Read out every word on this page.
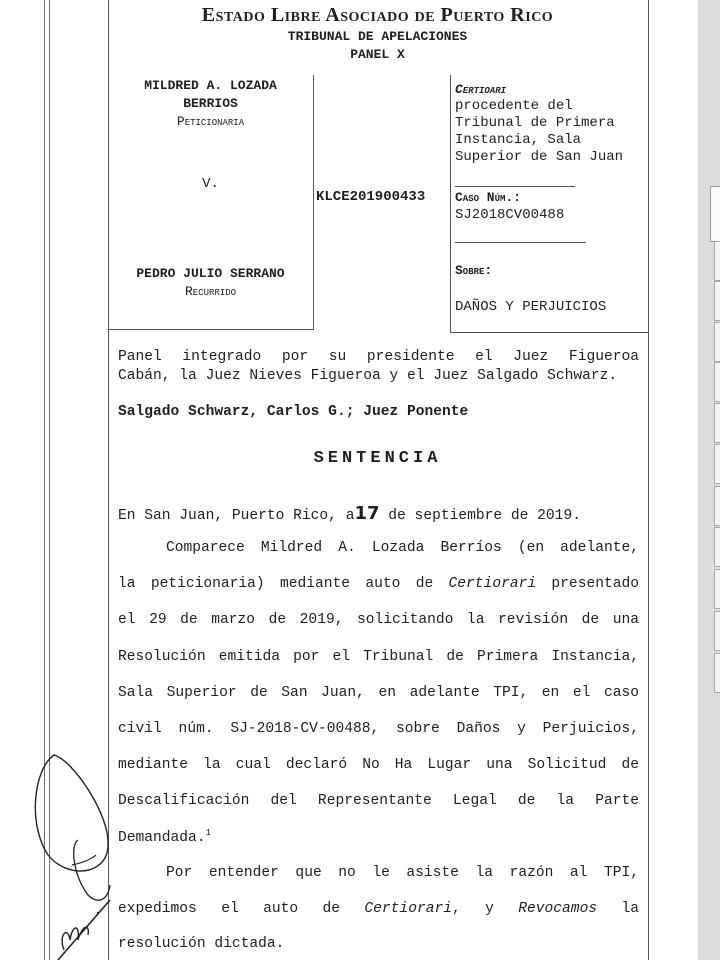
Estado Libre Asociado de Puerto Rico
TRIBUNAL DE APELACIONES
PANEL X
MILDRED A. LOZADA
BERRIOS
Peticionaria
V.
PEDRO JULIO SERRANO
Recurrido
KLCE201900433
Certioari
procedente del
Tribunal de Primera
Instancia, Sala
Superior de San Juan
Caso Núm.:
SJ2018CV00488
Sobre:
DAÑOS Y PERJUICIOS
Panel integrado por su presidente el Juez Figueroa
Cabán, la Juez Nieves Figueroa y el Juez Salgado Schwarz.
Salgado Schwarz, Carlos G.; Juez Ponente
SENTENCIA
En San Juan, Puerto Rico, a17 de septiembre de 2019.
Comparece Mildred A. Lozada Berríos (en adelante,
la peticionaria) mediante auto de Certiorari presentado
el 29 de marzo de 2019, solicitando la revisión de una
Resolución emitida por el Tribunal de Primera Instancia,
Sala Superior de San Juan, en adelante TPI, en el caso
civil núm. SJ-2018-CV-00488, sobre Daños y Perjuicios,
mediante la cual declaró No Ha Lugar una Solicitud de
Descalificación del Representante Legal de la Parte
Demandada.$^1$
Por entender que no le asiste la razón al TPI,
expedimos el auto de Certiorari, y Revocamos la
resolución dictada.
